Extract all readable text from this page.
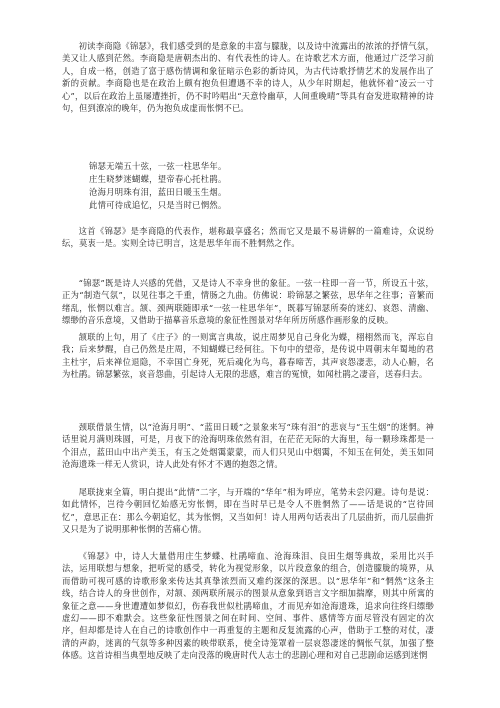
初读李商隐《锦瑟》，我们感受到的是意象的丰富与朦胧，以及诗中流露出的浓浓的抒情气氛，美又让人感到茫然。李商隐是唐朝杰出的、有代表性的诗人。在诗歌艺术方面，他通过广泛学习前人，自成一格，创造了富于感伤情调和象征暗示色彩的新诗风，为古代诗歌抒情艺术的发展作出了新的贡献。李商隐也是在政治上颇有抱负但遭遇不幸的诗人，从少年时期起，他就怀着“凌云一寸心”，以后在政治上虽屡遭挫折，仍不时吟唱出“天意怜幽草，人间重晚晴”等具有奋发进取精神的诗句，但到潦凉的晚年，仍为抱负成虚而怅惘不已。

锦瑟无端五十弦，一弦一柱思华年。
庄生晓梦迷蝴蝶，望帝春心托杜鹃。
沧海月明珠有泪，蓝田日暖玉生烟。
此情可待成追忆，只是当时已惘然。

这首《锦瑟》是李商隐的代表作，堪称最享盛名；然而它又是最不易讲解的一篇难诗，众说纷纭，莫衷一是。实则全诗已明言，这是思华年而不胜惘然之作。

“锦瑟”既是诗人兴感的凭借，又是诗人不幸身世的象征。一弦一柱即一音一节，所设五十弦，正为“制造气氛”，以见往事之千重，情肠之九曲。仿佛说：聆锦瑟之繁弦，思华年之往事；音繁而绪乱，怅惘以难言。颔、颈两联随即承“一弦一柱思华年”，既暮写锦瑟所奏的迷幻、哀怨、清幽、缥缈的音乐意境，又借助于描摹音乐意境的象征性图景对华年所历所感作画形象的反映。

颔联的上句，用了《庄子》的一则寓言典故，说庄周梦见自己身化为蝶，栩栩然而飞，浑忘自我；后来梦醒，自己仍然是庄周，不知蝴蝶已经何往。下句中的望帝，是传说中周朝末年蜀地的君主杜宇，后来禅位退隐，不幸国亡身死，死后魂化为鸟，暮春啼苦，其声哀怨凄悲，动人心腑，名为杜鹃。锦瑟繁弦，哀音怨曲，引起诗人无限的悲感，难言的冤愤，如闻杜鹃之凄音，送春归去。

颈联借景生情，以“沧海月明”、“蓝田日暖”之景象来写“珠有泪”的悲哀与“玉生烟”的迷惘。神话里说月满则珠圆，可是，月夜下的沧海明珠依然有泪，在茫茫无际的大海里，每一颗珍珠都是一个泪点，蓝田山中出产美玉，有玉之处烟霭蒙蒙，而人们只见山中烟霭，不知玉在何处，美玉如同沧海遗珠一样无人赏识，诗人此处有怀才不遇的抱怨之情。

尾联拢束全篇，明白提出“此情”二字，与开端的“华年”相为呼应，笔势未尝闪避。诗句是说：如此情怀，岂待今朝回忆始感无穷怅惘，即在当时早已是令人不胜惘然了——话是说的“岂待回忆”，意思正在：那么今朝追忆，其为怅惘，又当如何！诗人用两句话表出了几层曲折，而几层曲折又只是为了说明那种怅惘的苦痛心情。

《锦瑟》中，诗人大量借用庄生梦蝶、杜鹃啼血、沧海珠泪、良田生烟等典故，采用比兴手法，运用联想与想象，把听觉的感受，转化为视觉形象，以片段意象的组合，创造朦胧的境界，从而借助可视可感的诗歌形象来传达其真挚浓烈而又难约深深的深思。以“思华年”和“惘然”这条主线，结合诗人的身世创作，对颔、颈两联所展示的图景从意象到语言文字细加揣摩，则其中所寓的象征之意——身世遭遭如梦似幻，伤春我世似杜鹃啼血，才而见弃如沧海遗珠，追求向往终归缥缈虚幻——即不难默会。这些象征性图景之间在时间、空间、事件、感情等方面尽管没有固定的次序，但却都是诗人在自己的诗歌创作中一再重复的主题和反复流露的心声，借助于工整的对仗，凄清的声韵，迷离的气氛等多种因素的映带联系，使全诗笼罩着一层哀怨凄迷的惆怅气氛，加强了整体感。这首诗相当典型地反映了走向没落的晚唐时代人志士的悲剧心理和对自己悲剧命运感到迷惘
